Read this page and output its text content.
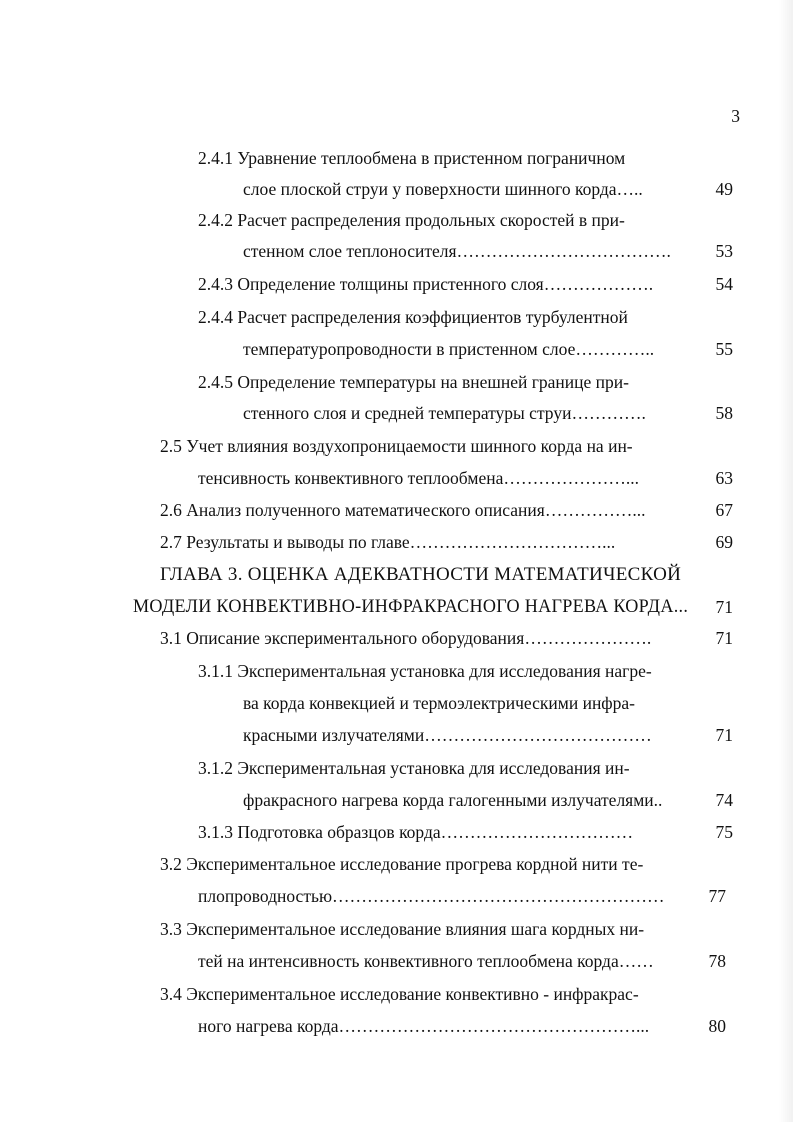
3
2.4.1 Уравнение теплообмена в пристенном пограничном
слое плоской струи у поверхности шинного корда…..	49
2.4.2 Расчет распределения продольных скоростей в при-
стенном слое теплоносителя……………………………….	53
2.4.3 Определение толщины пристенного слоя……………….	54
2.4.4 Расчет распределения коэффициентов турбулентной
температуропроводности в пристенном слое…………..	55
2.4.5 Определение температуры на внешней границе при-
стенного слоя и средней температуры струи………….	58
2.5 Учет влияния воздухопроницаемости шинного корда на ин-
тенсивность конвективного теплообмена…………………...	63
2.6 Анализ полученного математического описания……………...	67
2.7 Результаты и выводы по главе……………………………...	69
ГЛАВА 3. ОЦЕНКА АДЕКВАТНОСТИ МАТЕМАТИЧЕСКОЙ
МОДЕЛИ КОНВЕКТИВНО-ИНФРАКРАСНОГО НАГРЕВА КОРДА...	71
3.1 Описание экспериментального оборудования………………….	71
3.1.1 Экспериментальная установка для исследования нагре-
ва корда конвекцией и термоэлектрическими инфра-
красными излучателями…………………………………	71
3.1.2 Экспериментальная установка для исследования ин-
фракрасного нагрева корда галогенными излучателями..	74
3.1.3 Подготовка образцов корда……………………………	75
3.2 Экспериментальное исследование прогрева кордной нити те-
плопроводностью…………………………………………………	77
3.3 Экспериментальное исследование влияния шага кордных ни-
тей на интенсивность конвективного теплообмена корда……	78
3.4 Экспериментальное исследование конвективно - инфракрас-
ного нагрева корда……………………………………………...	80
